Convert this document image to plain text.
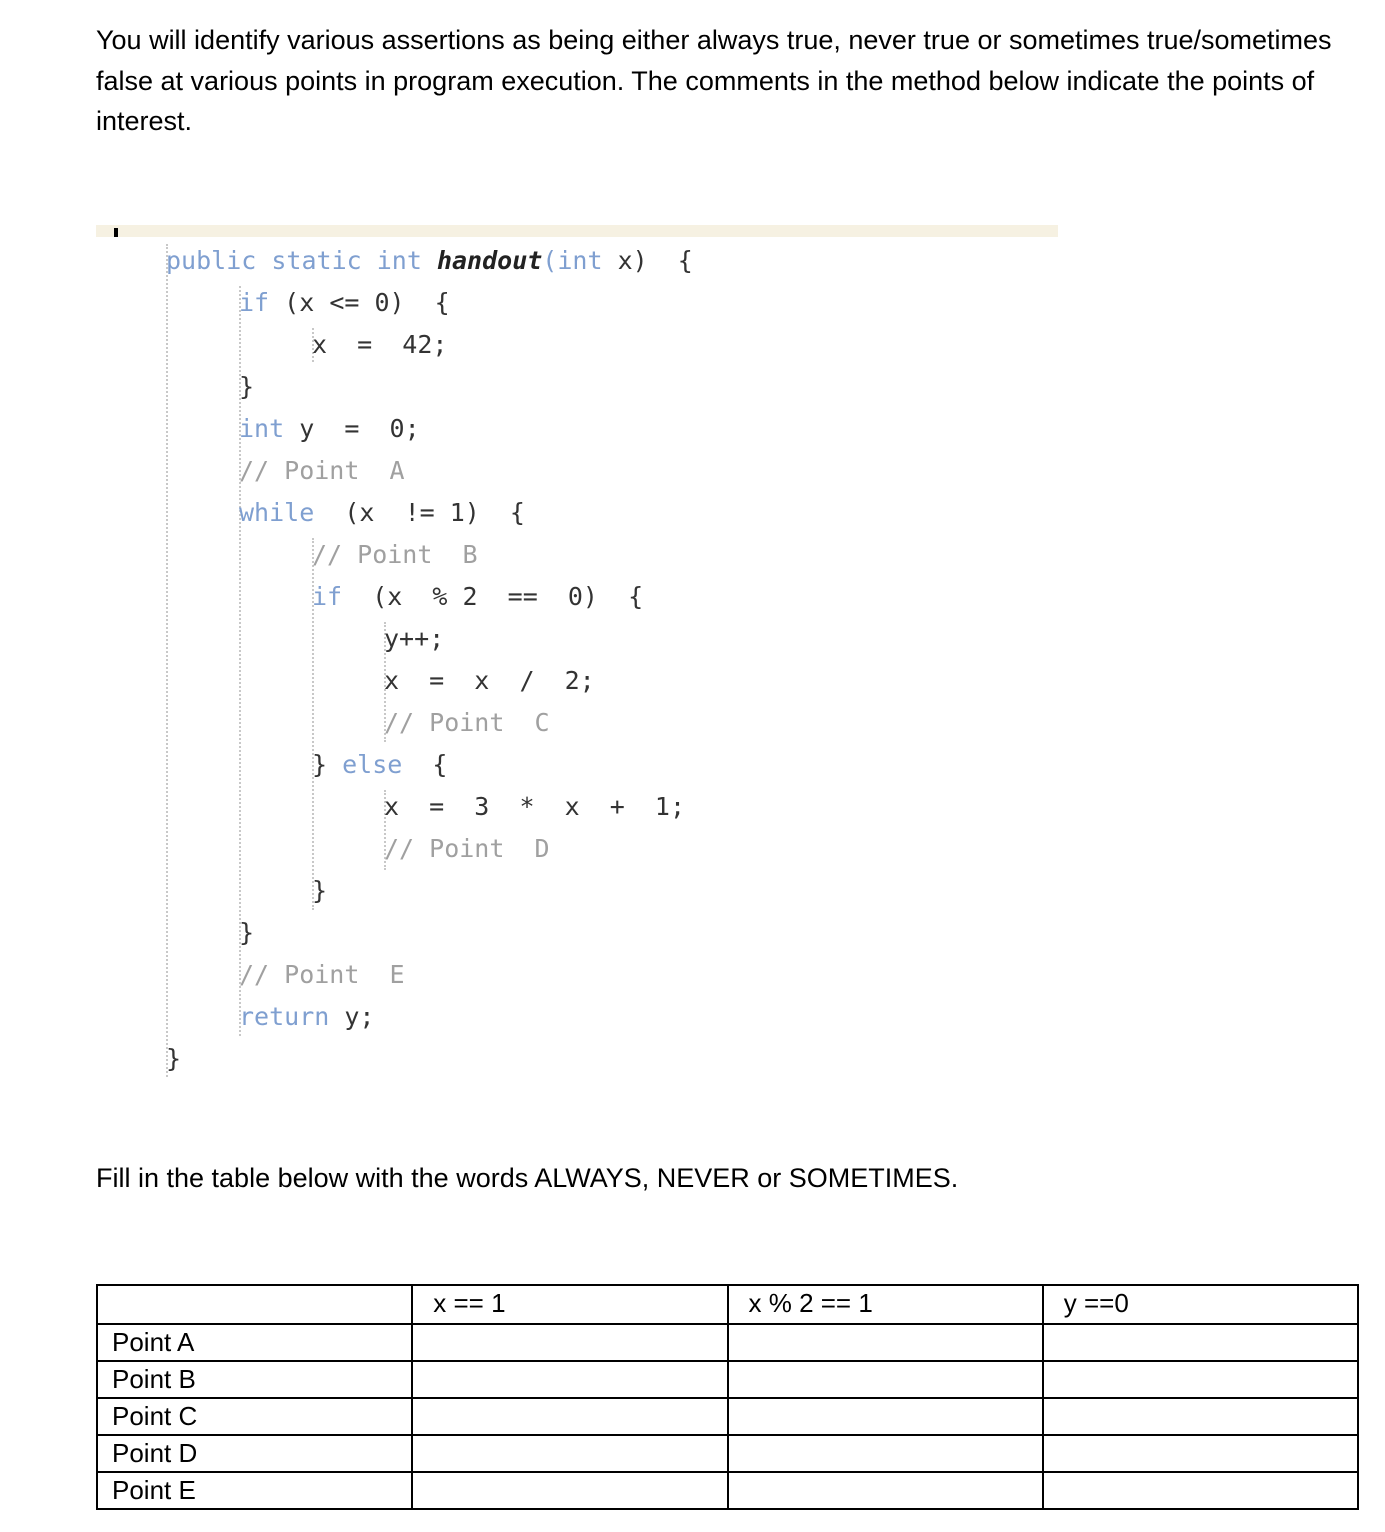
You will identify various assertions as being either always true, never true or sometimes true/sometimes false at various points in program execution. The comments in the method below indicate the points of interest.

public static int handout(int x)  {
if (x <= 0)  {
x  =  42;
}
int y  =  0;
// Point  A
while  (x  != 1)  {
// Point  B
if  (x  % 2  ==  0)  {
y++;
x  =  x  /  2;
// Point  C
} else  {
x  =  3  *  x  +  1;
// Point  D
}
}
// Point  E
return y;
}

Fill in the table below with the words ALWAYS, NEVER or SOMETIMES.

	x == 1	x % 2 == 1	y ==0
Point A			
Point B			
Point C			
Point D			
Point E			
